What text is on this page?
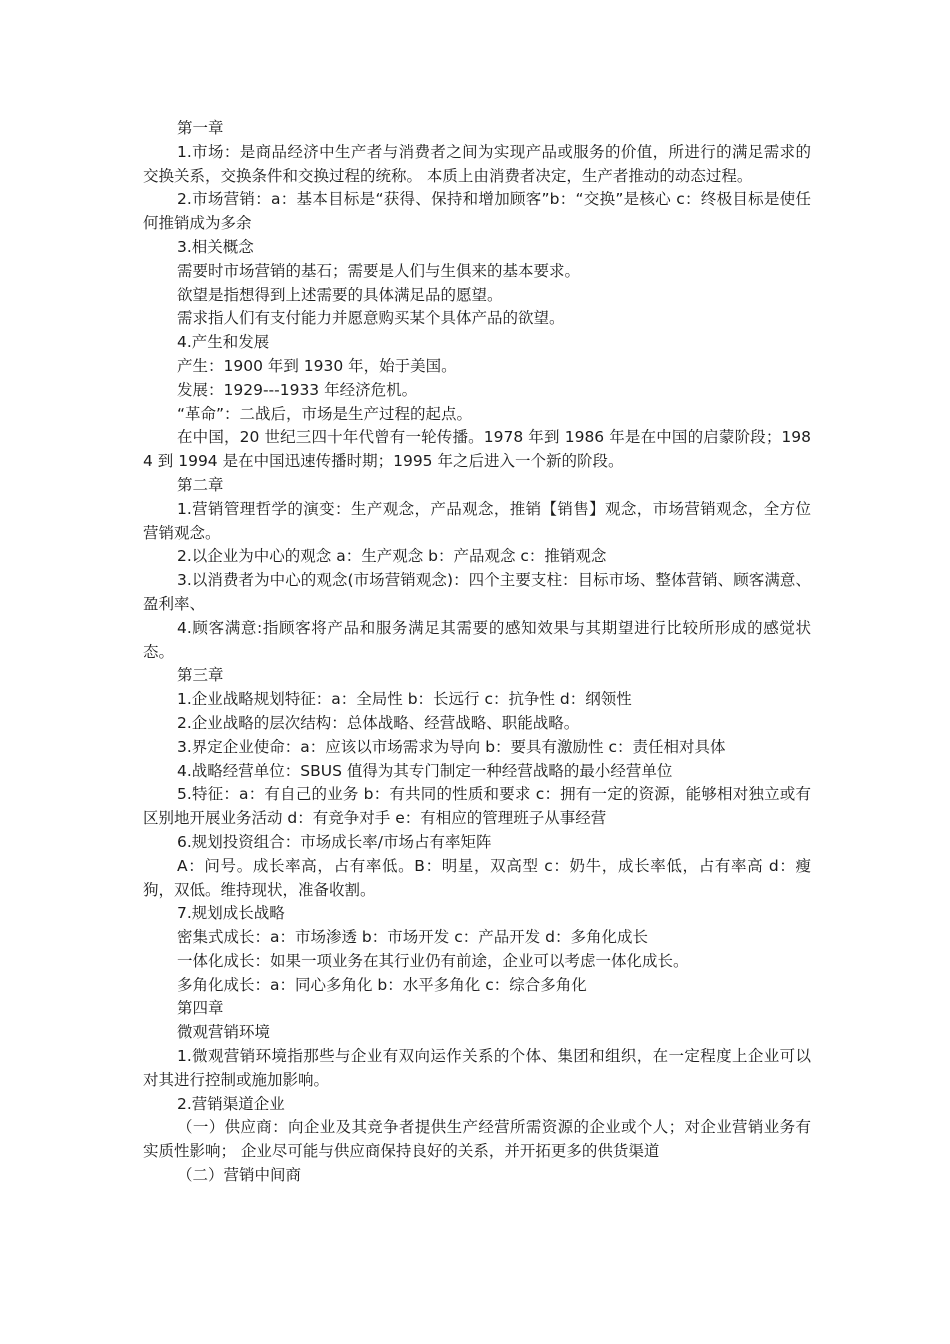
第一章

1.市场：是商品经济中生产者与消费者之间为实现产品或服务的价值，所进行的满足需求的交换关系，交换条件和交换过程的统称。 本质上由消费者决定，生产者推动的动态过程。

2.市场营销：a：基本目标是“获得、保持和增加顾客”b：“交换”是核心 c：终极目标是使任何推销成为多余

3.相关概念

需要时市场营销的基石；需要是人们与生俱来的基本要求。

欲望是指想得到上述需要的具体满足品的愿望。

需求指人们有支付能力并愿意购买某个具体产品的欲望。

4.产生和发展

产生：1900 年到 1930 年，始于美国。

发展：1929---1933 年经济危机。

“革命”：二战后，市场是生产过程的起点。

在中国，20 世纪三四十年代曾有一轮传播。1978 年到 1986 年是在中国的启蒙阶段；1984 到 1994 是在中国迅速传播时期；1995 年之后进入一个新的阶段。

第二章

1.营销管理哲学的演变：生产观念，产品观念，推销【销售】观念，市场营销观念，全方位营销观念。

2.以企业为中心的观念 a：生产观念 b：产品观念 c：推销观念

3.以消费者为中心的观念(市场营销观念)：四个主要支柱：目标市场、整体营销、顾客满意、盈利率、

4.顾客满意:指顾客将产品和服务满足其需要的感知效果与其期望进行比较所形成的感觉状态。

第三章

1.企业战略规划特征：a：全局性 b：长远行 c：抗争性 d：纲领性

2.企业战略的层次结构：总体战略、经营战略、职能战略。

3.界定企业使命：a：应该以市场需求为导向 b：要具有激励性 c：责任相对具体

4.战略经营单位：SBUS 值得为其专门制定一种经营战略的最小经营单位

5.特征：a：有自己的业务 b：有共同的性质和要求 c：拥有一定的资源，能够相对独立或有区别地开展业务活动 d：有竞争对手 e：有相应的管理班子从事经营

6.规划投资组合：市场成长率/市场占有率矩阵

A：问号。成长率高，占有率低。B：明星，双高型 c：奶牛，成长率低，占有率高 d：瘦狗，双低。维持现状，准备收割。

7.规划成长战略

密集式成长：a：市场渗透 b：市场开发 c：产品开发 d：多角化成长

一体化成长：如果一项业务在其行业仍有前途，企业可以考虑一体化成长。

多角化成长：a：同心多角化 b：水平多角化 c：综合多角化

第四章

微观营销环境

1.微观营销环境指那些与企业有双向运作关系的个体、集团和组织，在一定程度上企业可以对其进行控制或施加影响。

2.营销渠道企业

（一）供应商：向企业及其竞争者提供生产经营所需资源的企业或个人；对企业营销业务有实质性影响； 企业尽可能与供应商保持良好的关系，并开拓更多的供货渠道

（二）营销中间商
